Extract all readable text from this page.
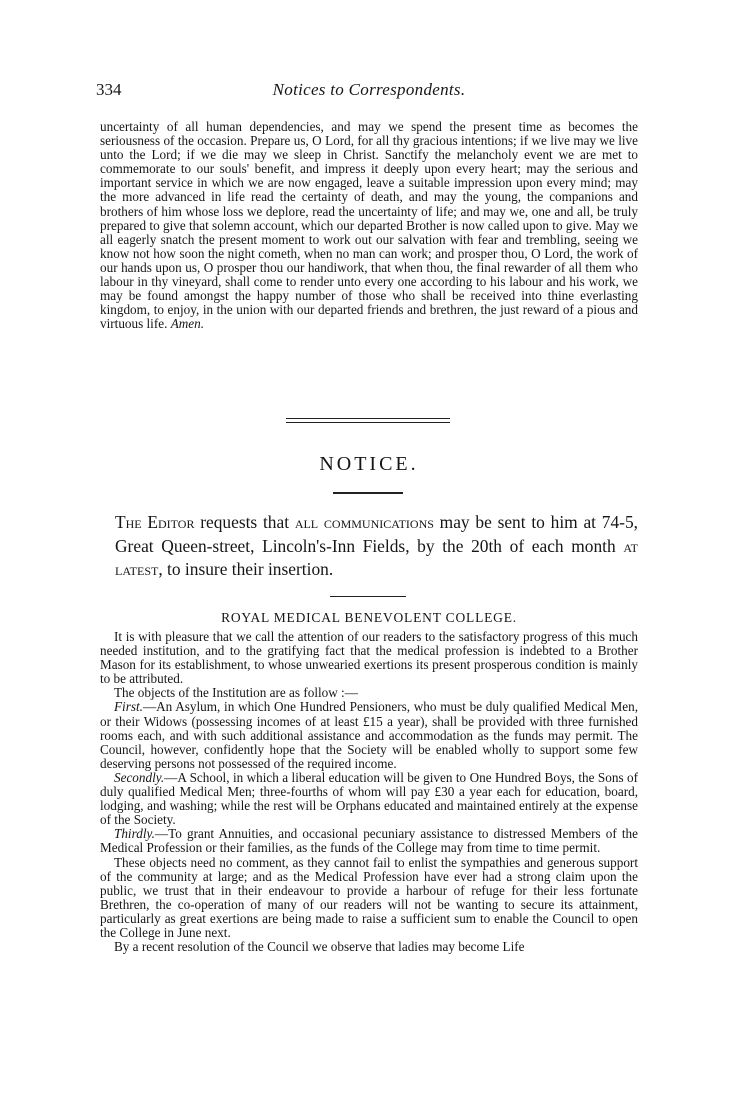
334	Notices to Correspondents.
uncertainty of all human dependencies, and may we spend the present time as becomes the seriousness of the occasion. Prepare us, O Lord, for all thy gracious intentions; if we live may we live unto the Lord; if we die may we sleep in Christ. Sanctify the melancholy event we are met to commemorate to our souls' benefit, and impress it deeply upon every heart; may the serious and important service in which we are now engaged, leave a suitable impression upon every mind; may the more advanced in life read the certainty of death, and may the young, the companions and brothers of him whose loss we deplore, read the uncertainty of life; and may we, one and all, be truly prepared to give that solemn account, which our departed Brother is now called upon to give. May we all eagerly snatch the present moment to work out our salvation with fear and trembling, seeing we know not how soon the night cometh, when no man can work; and prosper thou, O Lord, the work of our hands upon us, O prosper thou our handiwork, that when thou, the final rewarder of all them who labour in thy vineyard, shall come to render unto every one according to his labour and his work, we may be found amongst the happy number of those who shall be received into thine everlasting kingdom, to enjoy, in the union with our departed friends and brethren, the just reward of a pious and virtuous life. Amen.
NOTICE.
The Editor requests that all communications may be sent to him at 74-5, Great Queen-street, Lincoln's-Inn Fields, by the 20th of each month at latest, to insure their insertion.
ROYAL MEDICAL BENEVOLENT COLLEGE.

It is with pleasure that we call the attention of our readers to the satisfactory progress of this much needed institution, and to the gratifying fact that the medical profession is indebted to a Brother Mason for its establishment, to whose unwearied exertions its present prosperous condition is mainly to be attributed.

The objects of the Institution are as follow :—

First.—An Asylum, in which One Hundred Pensioners, who must be duly qualified Medical Men, or their Widows (possessing incomes of at least £15 a year), shall be provided with three furnished rooms each, and with such additional assistance and accommodation as the funds may permit. The Council, however, confidently hope that the Society will be enabled wholly to support some few deserving persons not possessed of the required income.

Secondly.—A School, in which a liberal education will be given to One Hundred Boys, the Sons of duly qualified Medical Men; three-fourths of whom will pay £30 a year each for education, board, lodging, and washing; while the rest will be Orphans educated and maintained entirely at the expense of the Society.

Thirdly.—To grant Annuities, and occasional pecuniary assistance to distressed Members of the Medical Profession or their families, as the funds of the College may from time to time permit.

These objects need no comment, as they cannot fail to enlist the sympathies and generous support of the community at large; and as the Medical Profession have ever had a strong claim upon the public, we trust that in their endeavour to provide a harbour of refuge for their less fortunate Brethren, the co-operation of many of our readers will not be wanting to secure its attainment, particularly as great exertions are being made to raise a sufficient sum to enable the Council to open the College in June next.

By a recent resolution of the Council we observe that ladies may become Life
